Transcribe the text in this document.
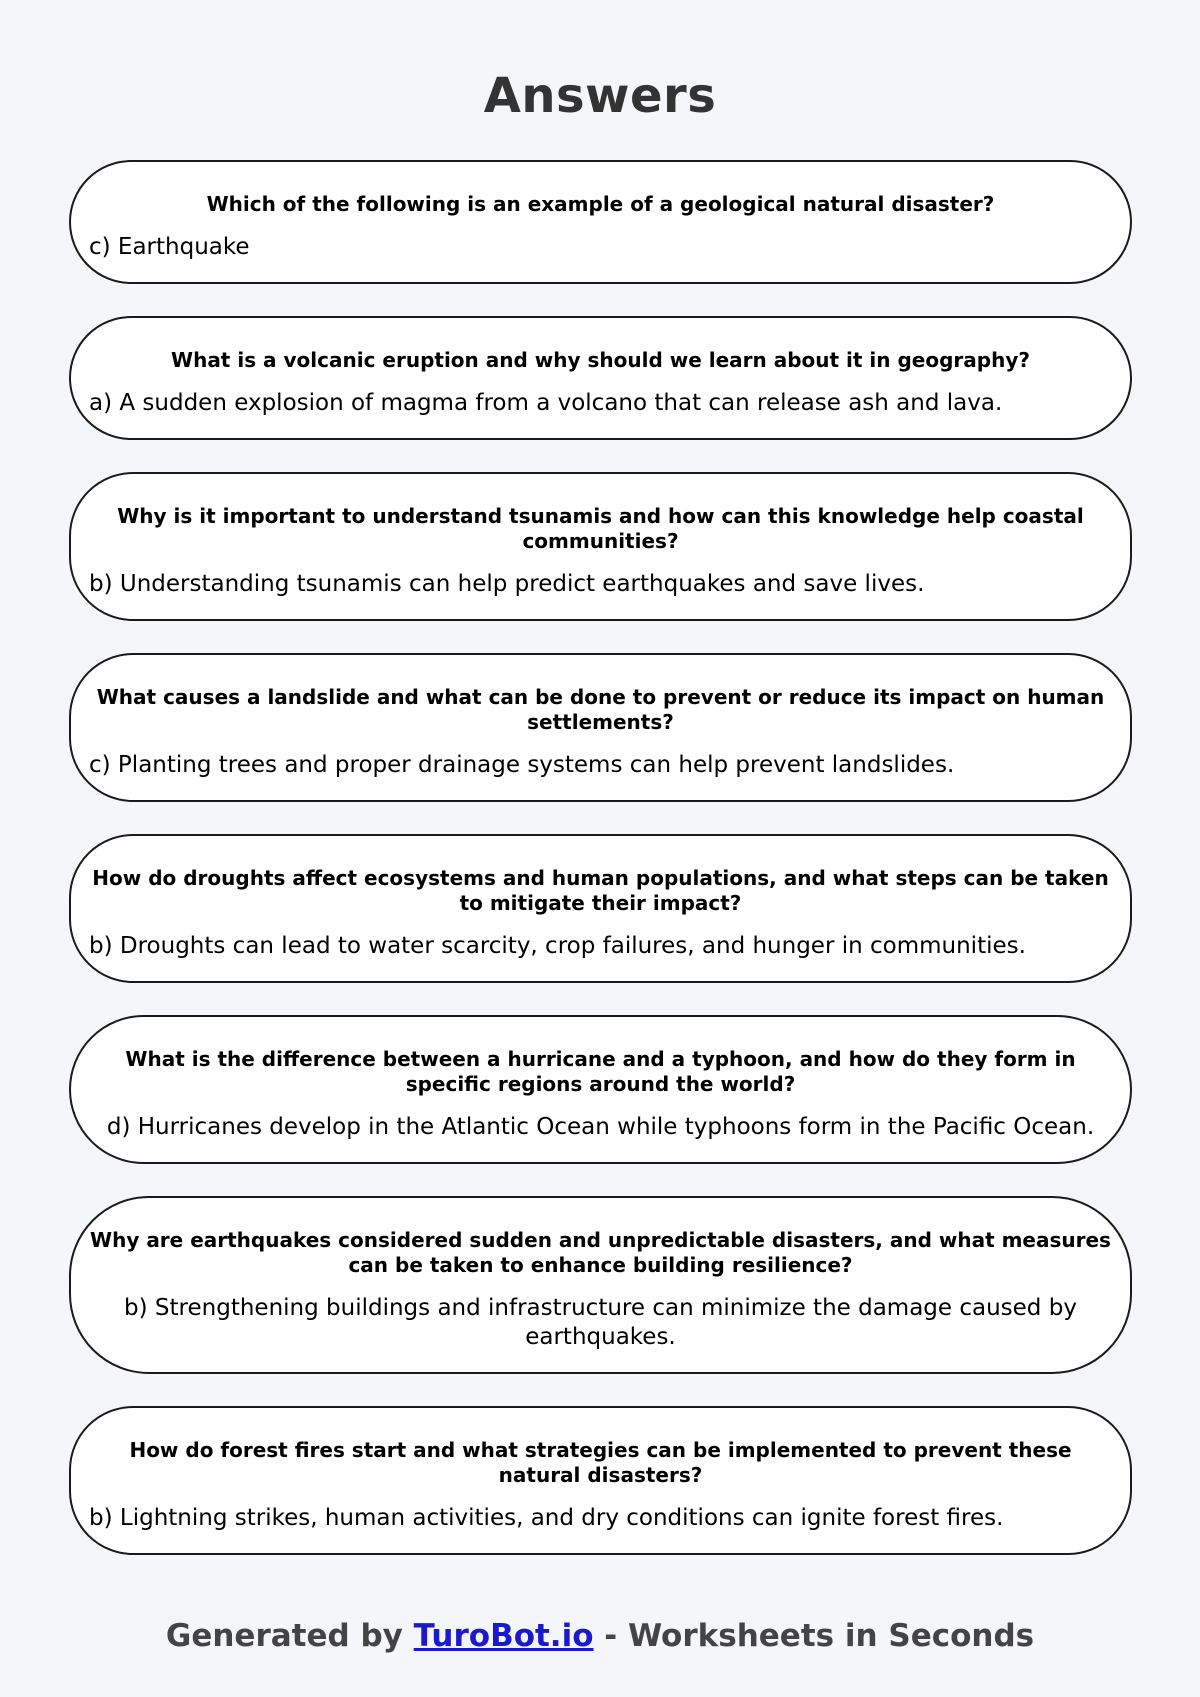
Answers

Which of the following is an example of a geological natural disaster?

c) Earthquake

What is a volcanic eruption and why should we learn about it in geography?

a) A sudden explosion of magma from a volcano that can release ash and lava.

Why is it important to understand tsunamis and how can this knowledge help coastal communities?

b) Understanding tsunamis can help predict earthquakes and save lives.

What causes a landslide and what can be done to prevent or reduce its impact on human settlements?

c) Planting trees and proper drainage systems can help prevent landslides.

How do droughts affect ecosystems and human populations, and what steps can be taken to mitigate their impact?

b) Droughts can lead to water scarcity, crop failures, and hunger in communities.

What is the difference between a hurricane and a typhoon, and how do they form in specific regions around the world?

d) Hurricanes develop in the Atlantic Ocean while typhoons form in the Pacific Ocean.

Why are earthquakes considered sudden and unpredictable disasters, and what measures can be taken to enhance building resilience?

b) Strengthening buildings and infrastructure can minimize the damage caused by earthquakes.

How do forest fires start and what strategies can be implemented to prevent these natural disasters?

b) Lightning strikes, human activities, and dry conditions can ignite forest fires.

Generated by TuroBot.io - Worksheets in Seconds
